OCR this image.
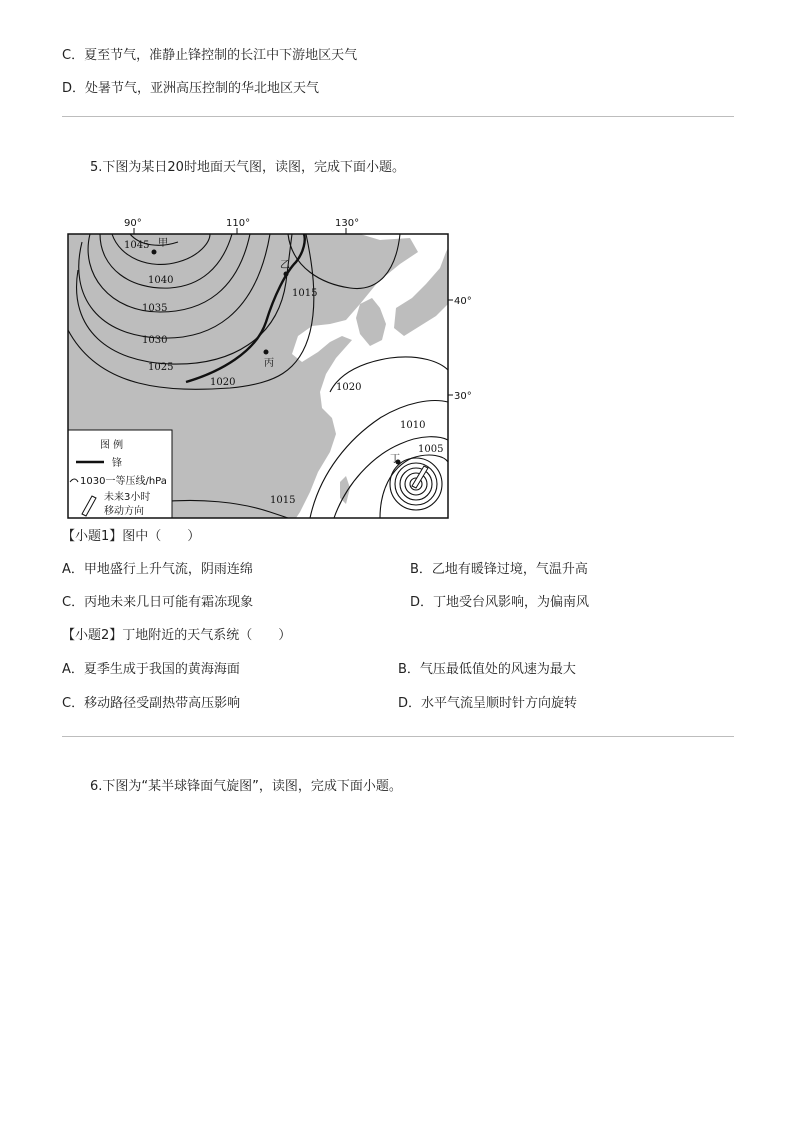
C．夏至节气，准静止锋控制的长江中下游地区天气
D．处暑节气，亚洲高压控制的华北地区天气
5.下图为某日20时地面天气图，读图，完成下面小题。
90°	110°	130°
40°
30°
1045
1040
1035
1030
1025
1020
1015
1020
1010
1005
1015
甲
乙
丙
丁
图 例
锋
1030一等压线/hPa
未来3小时
移动方向
【小题1】图中（　　）
A．甲地盛行上升气流，阴雨连绵	B．乙地有暖锋过境，气温升高
C．丙地未来几日可能有霜冻现象	D．丁地受台风影响，为偏南风
【小题2】丁地附近的天气系统（　　）
A．夏季生成于我国的黄海海面	B．气压最低值处的风速为最大
C．移动路径受副热带高压影响	D．水平气流呈顺时针方向旋转
6.下图为“某半球锋面气旋图”，读图，完成下面小题。
